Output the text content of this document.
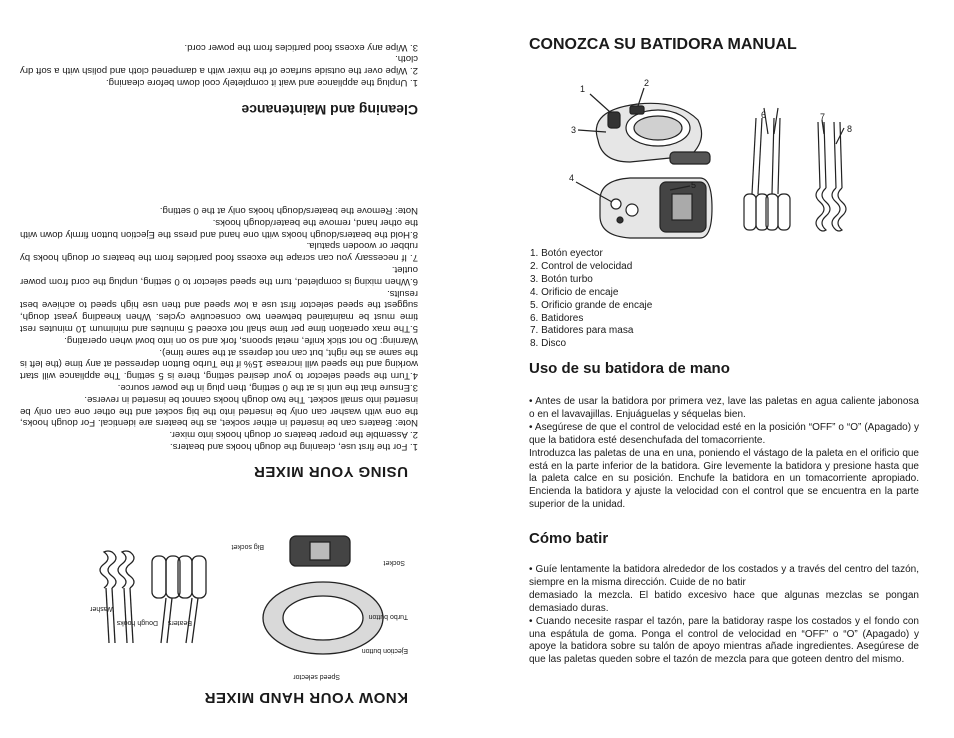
KNOW YOUR HAND MIXER
Speed selector
Ejection button
Turbo button
Big socket
Socket
Beaters
Dough hooks
Washer
USING YOUR MIXER

1. For the first use, cleaning the dough hooks and beaters.

2. Assemble the proper beaters or dough hooks into mixer.

Note: Beaters can be inserted in either socket, as the beaters are identical. For dough hooks, the one with washer can only be inserted into the big socket and the other one can only be inserted into small socket. The two dough hooks cannot be inserted in reverse.

3.Ensure that the unit is at the 0 setting, then plug in the power source.

4.Turn the speed selector to your desired setting, there is 5 setting. The appliance will start working and the speed will increase 15% if the Turbo Button depressed at any time (the left is the same as the right, but can not depress at the same time).

Warning: Do not stick knife, metal spoons, fork and so on into bowl when operating.

5.The max operation time per time shall not exceed 5 minutes and minimum 10 minutes rest time must be maintained between two consecutive cycles. When kneading yeast dough, suggest the speed selector first use a low speed and then use high speed to achieve best results.

6.When mixing is completed, turn the speed selector to 0 setting, unplug the cord from power outlet.

7. If necessary you can scrape the excess food particles from the beaters or dough hooks by rubber or wooden spatula.

8.Hold the beaters/dough hooks with one hand and press the Ejection button firmly down with the other hand, remove the beater/dough hooks.

Note: Remove the beaters/dough hooks only at the 0 setting.

Cleaning and Maintenance

1. Unplug the appliance and wait it completely cool down before cleaning.

2. Wipe over the outside surface of the mixer with a dampened cloth and polish with a soft dry cloth.

3. Wipe any excess food particles from the power cord.	CONOZCA SU BATIDORA MANUAL
1
2
3
4
5
6	7
8
1. Botón eyector
2. Control de velocidad
3. Botón turbo
4. Orificio de encaje
5. Orificio grande de encaje
6. Batidores
7. Batidores para masa
8. Disco
Uso de su batidora de mano

• Antes de usar la batidora por primera vez, lave las paletas en agua caliente jabonosa o en el lavavajillas. Enjuáguelas y séquelas bien.

• Asegúrese de que el control de velocidad esté en la posición “OFF” o “O” (Apagado) y que la batidora esté desenchufada del tomacorriente.

Introduzca las paletas de una en una, poniendo el vástago de la paleta en el orificio que está en la parte inferior de la batidora. Gire levemente la batidora y presione hasta que la paleta calce en su posición. Enchufe la batidora en un tomacorriente apropiado. Encienda la batidora y ajuste la velocidad con el control que se encuentra en la parte superior de la unidad.

Cómo batir

• Guíe lentamente la batidora alrededor de los costados y a través del centro del tazón, siempre en la misma dirección. Cuide de no batir

demasiado la mezcla. El batido excesivo hace que algunas mezclas se pongan demasiado duras.

• Cuando necesite raspar el tazón, pare la batidoray raspe los costados y el fondo con una espátula de goma. Ponga el control de velocidad en “OFF” o “O” (Apagado) y apoye la batidora sobre su talón de apoyo mientras añade ingredientes. Asegúrese de que las paletas queden sobre el tazón de mezcla para que goteen dentro del mismo.
